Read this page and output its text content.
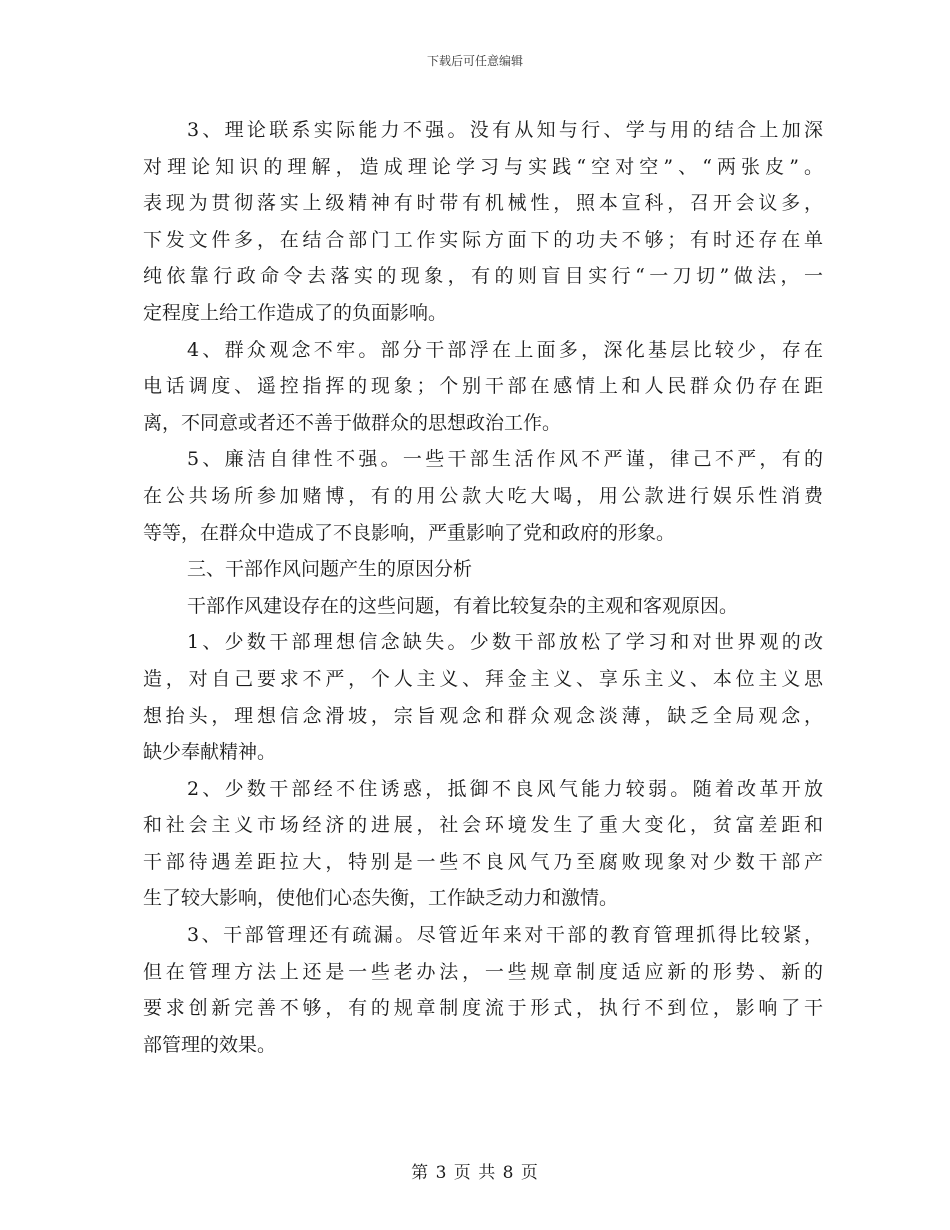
下载后可任意编辑
3、理论联系实际能力不强。没有从知与行、学与用的结合上加深
对理论知识的理解，造成理论学习与实践“空对空”、“两张皮”。
表现为贯彻落实上级精神有时带有机械性，照本宣科，召开会议多，
下发文件多，在结合部门工作实际方面下的功夫不够；有时还存在单
纯依靠行政命令去落实的现象，有的则盲目实行“一刀切”做法，一
定程度上给工作造成了的负面影响。
4、群众观念不牢。部分干部浮在上面多，深化基层比较少，存在
电话调度、遥控指挥的现象；个别干部在感情上和人民群众仍存在距
离，不同意或者还不善于做群众的思想政治工作。
5、廉洁自律性不强。一些干部生活作风不严谨，律己不严，有的
在公共场所参加赌博，有的用公款大吃大喝，用公款进行娱乐性消费
等等，在群众中造成了不良影响，严重影响了党和政府的形象。
三、干部作风问题产生的原因分析
干部作风建设存在的这些问题，有着比较复杂的主观和客观原因。
1、少数干部理想信念缺失。少数干部放松了学习和对世界观的改
造，对自己要求不严，个人主义、拜金主义、享乐主义、本位主义思
想抬头，理想信念滑坡，宗旨观念和群众观念淡薄，缺乏全局观念，
缺少奉献精神。
2、少数干部经不住诱惑，抵御不良风气能力较弱。随着改革开放
和社会主义市场经济的进展，社会环境发生了重大变化，贫富差距和
干部待遇差距拉大，特别是一些不良风气乃至腐败现象对少数干部产
生了较大影响，使他们心态失衡，工作缺乏动力和激情。
3、干部管理还有疏漏。尽管近年来对干部的教育管理抓得比较紧，
但在管理方法上还是一些老办法，一些规章制度适应新的形势、新的
要求创新完善不够，有的规章制度流于形式，执行不到位，影响了干
部管理的效果。
第 3 页 共 8 页
